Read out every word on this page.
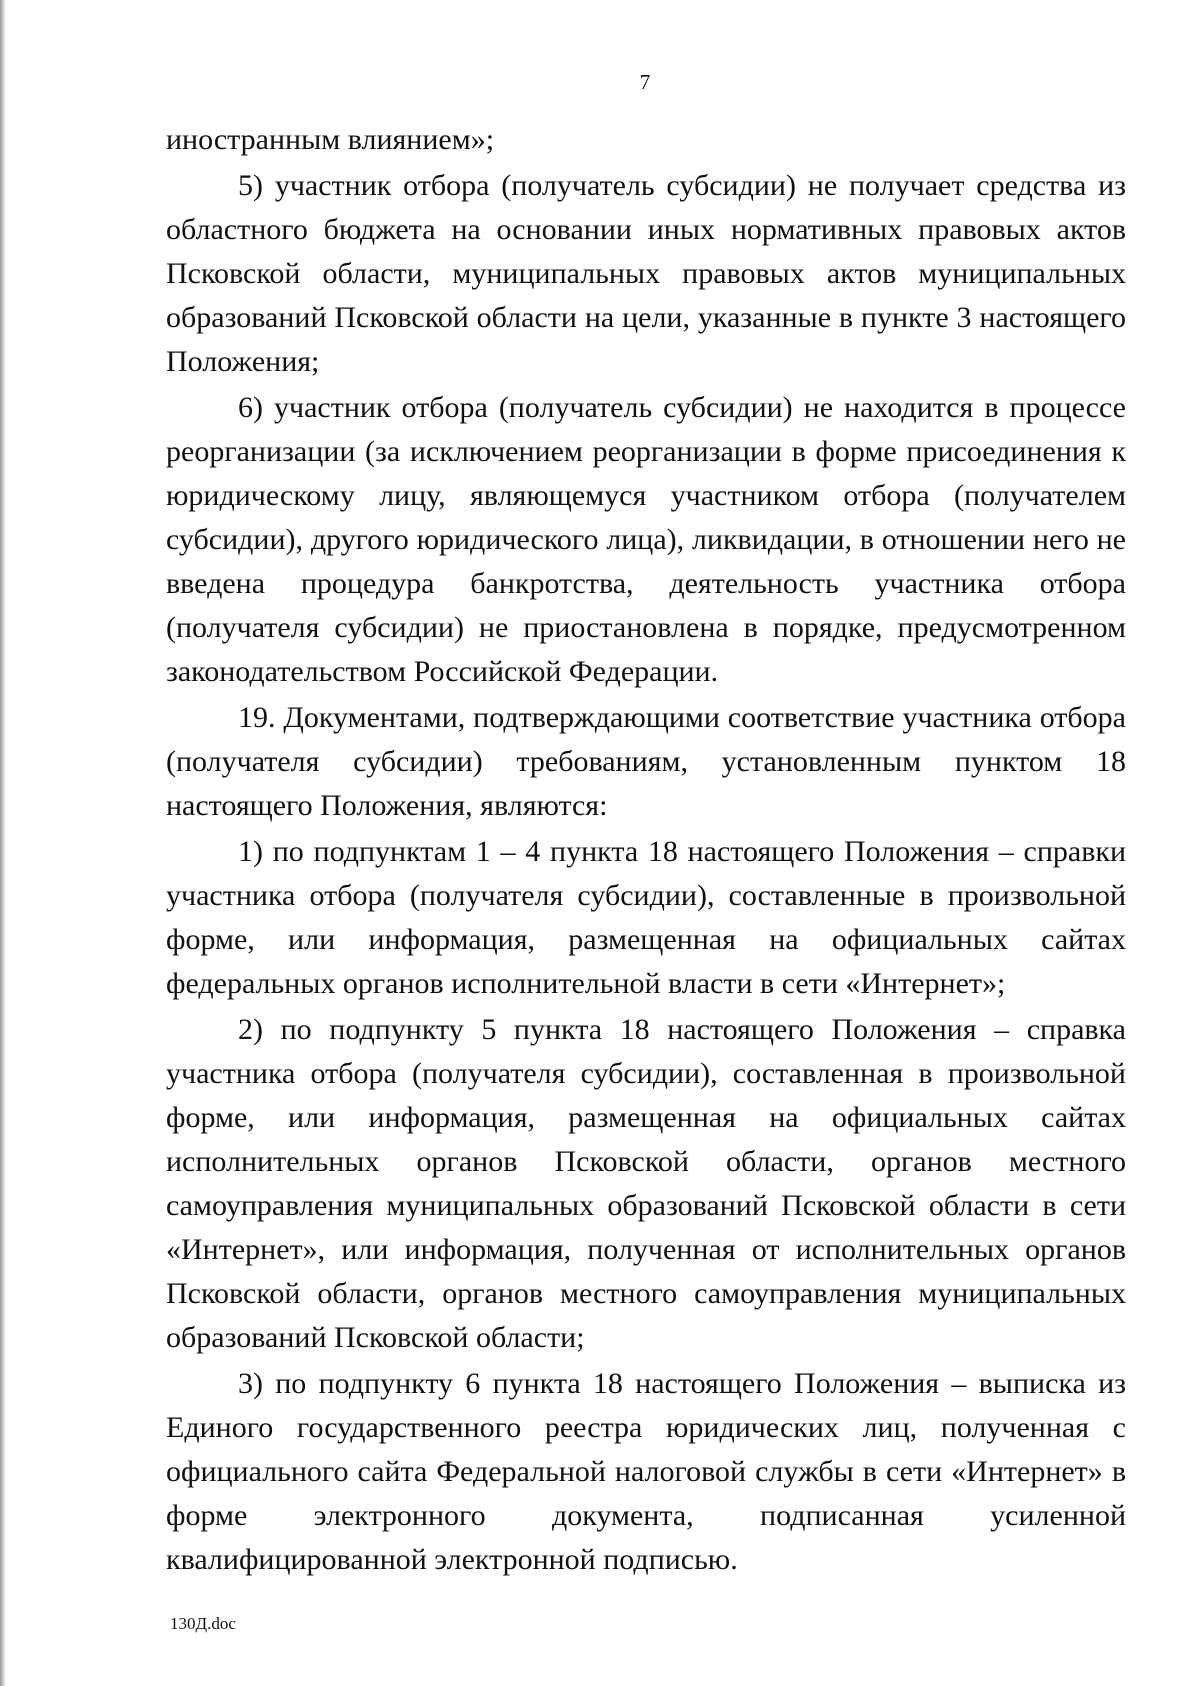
7

иностранным влиянием»;

5) участник отбора (получатель субсидии) не получает средства из областного бюджета на основании иных нормативных правовых актов Псковской области, муниципальных правовых актов муниципальных образований Псковской области на цели, указанные в пункте 3 настоящего Положения;

6) участник отбора (получатель субсидии) не находится в процессе реорганизации (за исключением реорганизации в форме присоединения к юридическому лицу, являющемуся участником отбора (получателем субсидии), другого юридического лица), ликвидации, в отношении него не введена процедура банкротства, деятельность участника отбора (получателя субсидии) не приостановлена в порядке, предусмотренном законодательством Российской Федерации.

19. Документами, подтверждающими соответствие участника отбора (получателя субсидии) требованиям, установленным пунктом 18 настоящего Положения, являются:

1) по подпунктам 1 – 4 пункта 18 настоящего Положения – справки участника отбора (получателя субсидии), составленные в произвольной форме, или информация, размещенная на официальных сайтах федеральных органов исполнительной власти в сети «Интернет»;

2) по подпункту 5 пункта 18 настоящего Положения – справка участника отбора (получателя субсидии), составленная в произвольной форме, или информация, размещенная на официальных сайтах исполнительных органов Псковской области, органов местного самоуправления муниципальных образований Псковской области в сети «Интернет», или информация, полученная от исполнительных органов Псковской области, органов местного самоуправления муниципальных образований Псковской области;

3) по подпункту 6 пункта 18 настоящего Положения – выписка из Единого государственного реестра юридических лиц, полученная с официального сайта Федеральной налоговой службы в сети «Интернет» в форме электронного документа, подписанная усиленной квалифицированной электронной подписью.

130Д.doc
